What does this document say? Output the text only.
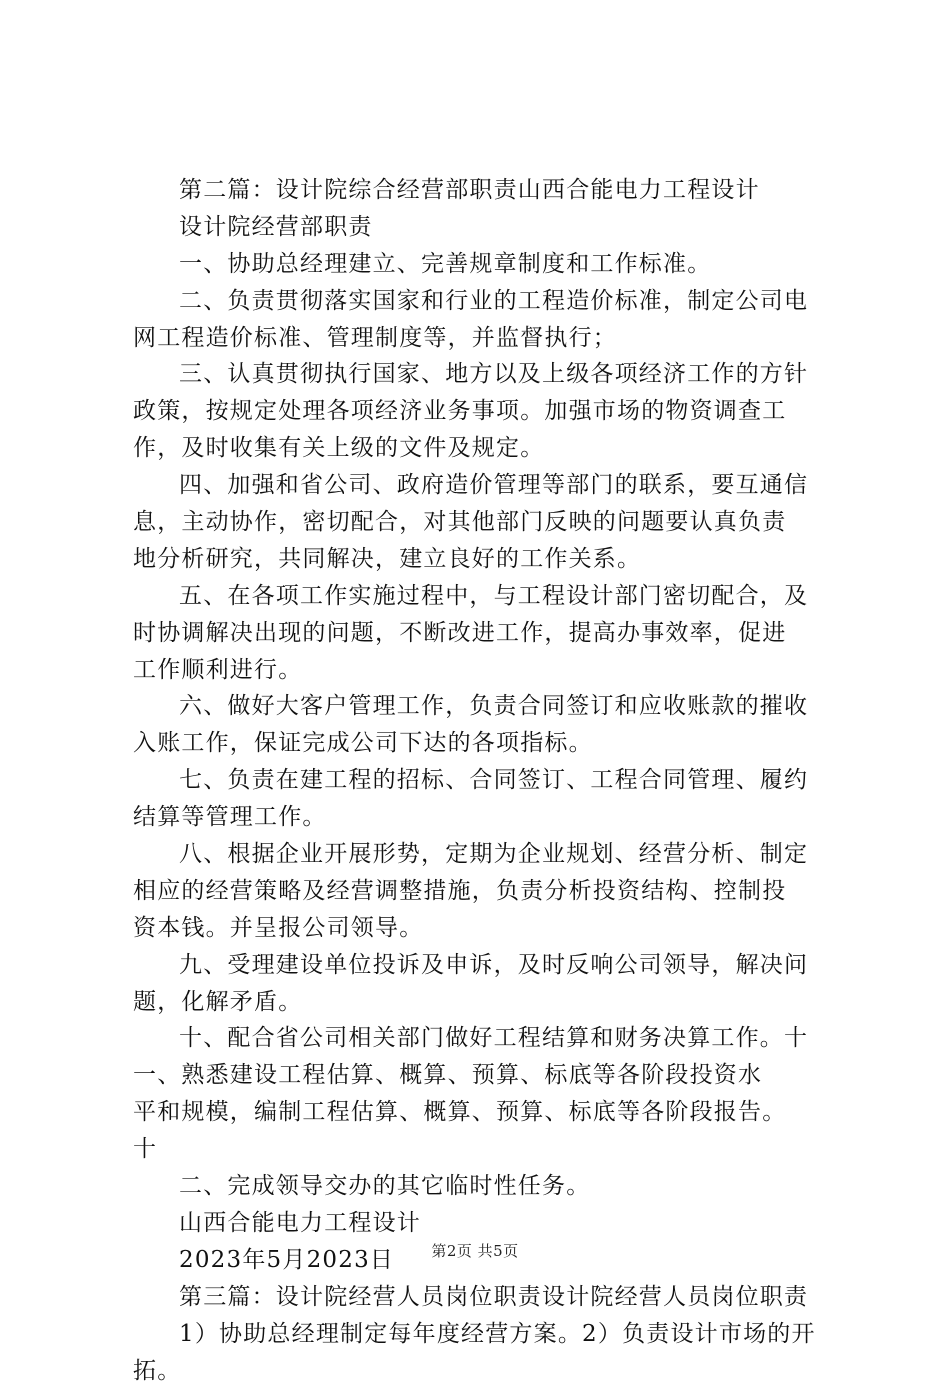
第二篇：设计院综合经营部职责山西合能电力工程设计
设计院经营部职责
一、协助总经理建立、完善规章制度和工作标准。
二、负责贯彻落实国家和行业的工程造价标准，制定公司电
网工程造价标准、管理制度等，并监督执行；
三、认真贯彻执行国家、地方以及上级各项经济工作的方针
政策，按规定处理各项经济业务事项。加强市场的物资调查工
作，及时收集有关上级的文件及规定。
四、加强和省公司、政府造价管理等部门的联系，要互通信
息，主动协作，密切配合，对其他部门反映的问题要认真负责
地分析研究，共同解决，建立良好的工作关系。
五、在各项工作实施过程中，与工程设计部门密切配合，及
时协调解决出现的问题，不断改进工作，提高办事效率，促进
工作顺利进行。
六、做好大客户管理工作，负责合同签订和应收账款的摧收
入账工作，保证完成公司下达的各项指标。
七、负责在建工程的招标、合同签订、工程合同管理、履约
结算等管理工作。
八、根据企业开展形势，定期为企业规划、经营分析、制定
相应的经营策略及经营调整措施，负责分析投资结构、控制投
资本钱。并呈报公司领导。
九、受理建设单位投诉及申诉，及时反响公司领导，解决问
题，化解矛盾。
十、配合省公司相关部门做好工程结算和财务决算工作。十
一、熟悉建设工程估算、概算、预算、标底等各阶段投资水
平和规模，编制工程估算、概算、预算、标底等各阶段报告。
十
二、完成领导交办的其它临时性任务。
山西合能电力工程设计
2023年5月2023日
第三篇：设计院经营人员岗位职责设计院经营人员岗位职责
1）协助总经理制定每年度经营方案。2）负责设计市场的开
拓。
第2页 共5页
